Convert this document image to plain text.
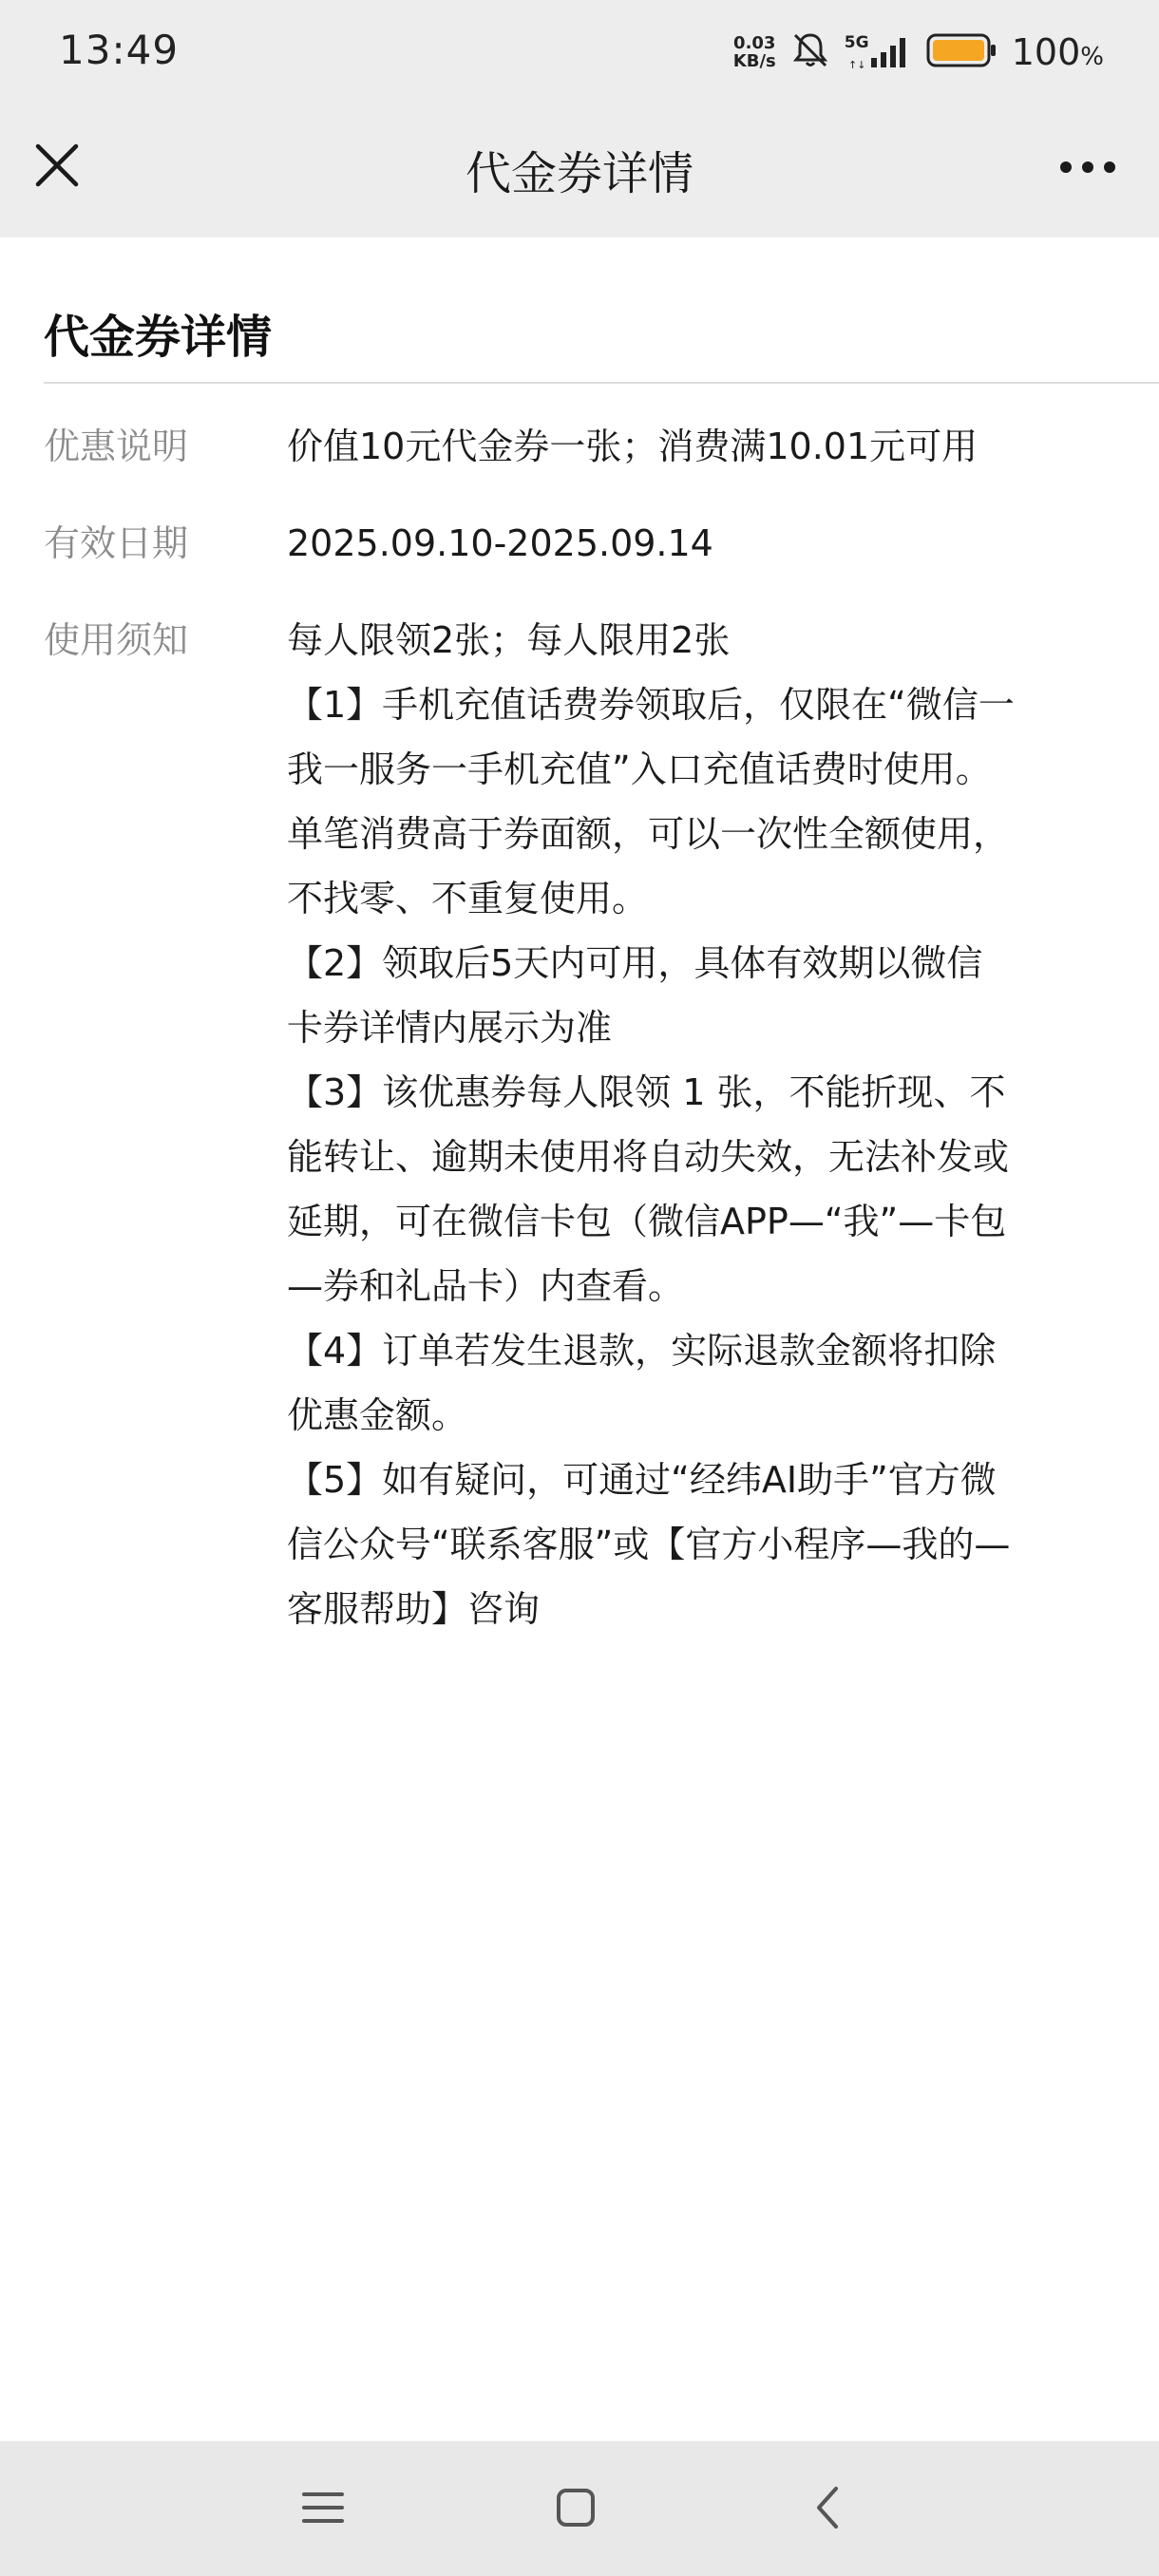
13:49	0.03
KB/s
5G
↑↓	100%
代金券详情
代金券详情
优惠说明	价值10元代金券一张；消费满10.01元可用
有效日期	2025.09.10-2025.09.14
使用须知	每人限领2张；每人限用2张
【1】手机充值话费券领取后，仅限在“微信一
我一服务一手机充值”入口充值话费时使用。
单笔消费高于券面额，可以一次性全额使用，
不找零、不重复使用。
【2】领取后5天内可用，具体有效期以微信
卡券详情内展示为准
【3】该优惠券每人限领 1 张，不能折现、不
能转让、逾期未使用将自动失效，无法补发或
延期，可在微信卡包（微信APP—“我”—卡包
—券和礼品卡）内查看。
【4】订单若发生退款，实际退款金额将扣除
优惠金额。
【5】如有疑问，可通过“经纬AI助手”官方微
信公众号“联系客服”或【官方小程序—我的—
客服帮助】咨询
